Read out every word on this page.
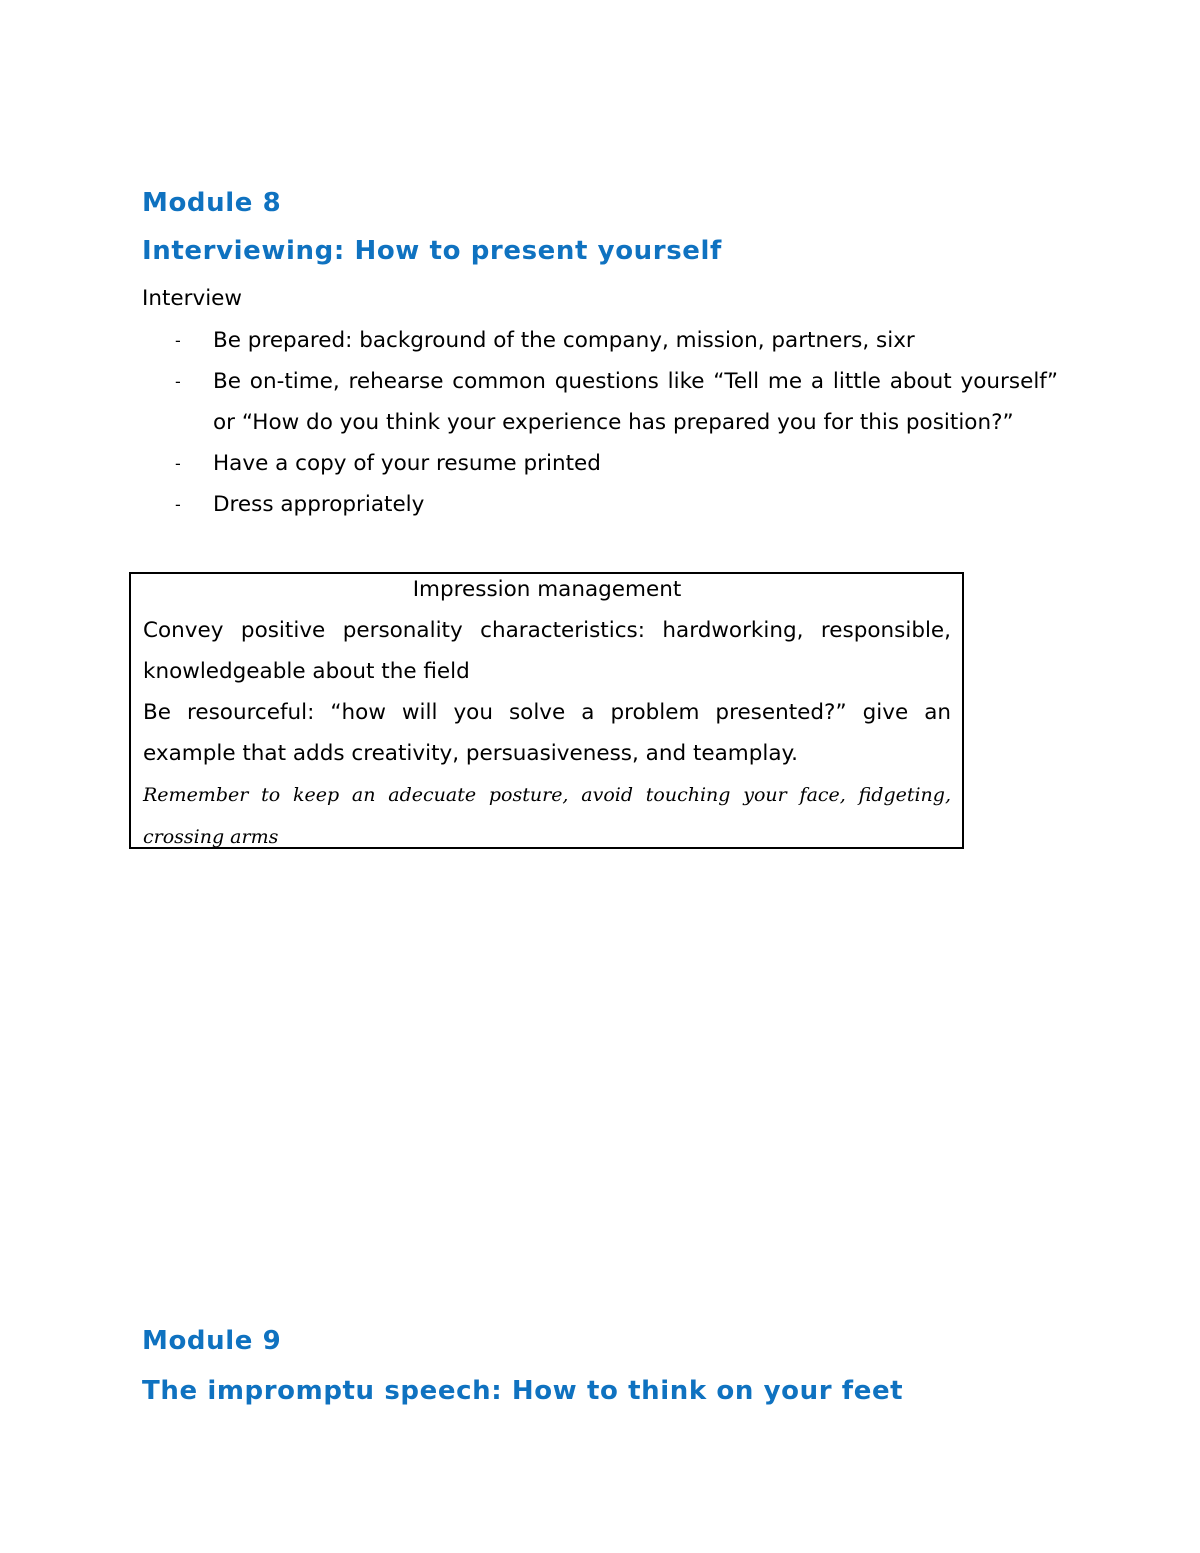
Module 8
Interviewing: How to present yourself

Interview

- Be prepared: background of the company, mission, partners, sixr
- Be on-time, rehearse common questions like “Tell me a little about yourself” or “How do you think your experience has prepared you for this position?”
- Have a copy of your resume printed
- Dress appropriately
Impression management
Convey positive personality characteristics: hardworking, responsible, knowledgeable about the field
Be resourceful: “how will you solve a problem presented?” give an example that adds creativity, persuasiveness, and teamplay.
Remember to keep an adecuate posture, avoid touching your face, fidgeting, crossing arms
Module 9
The impromptu speech: How to think on your feet
